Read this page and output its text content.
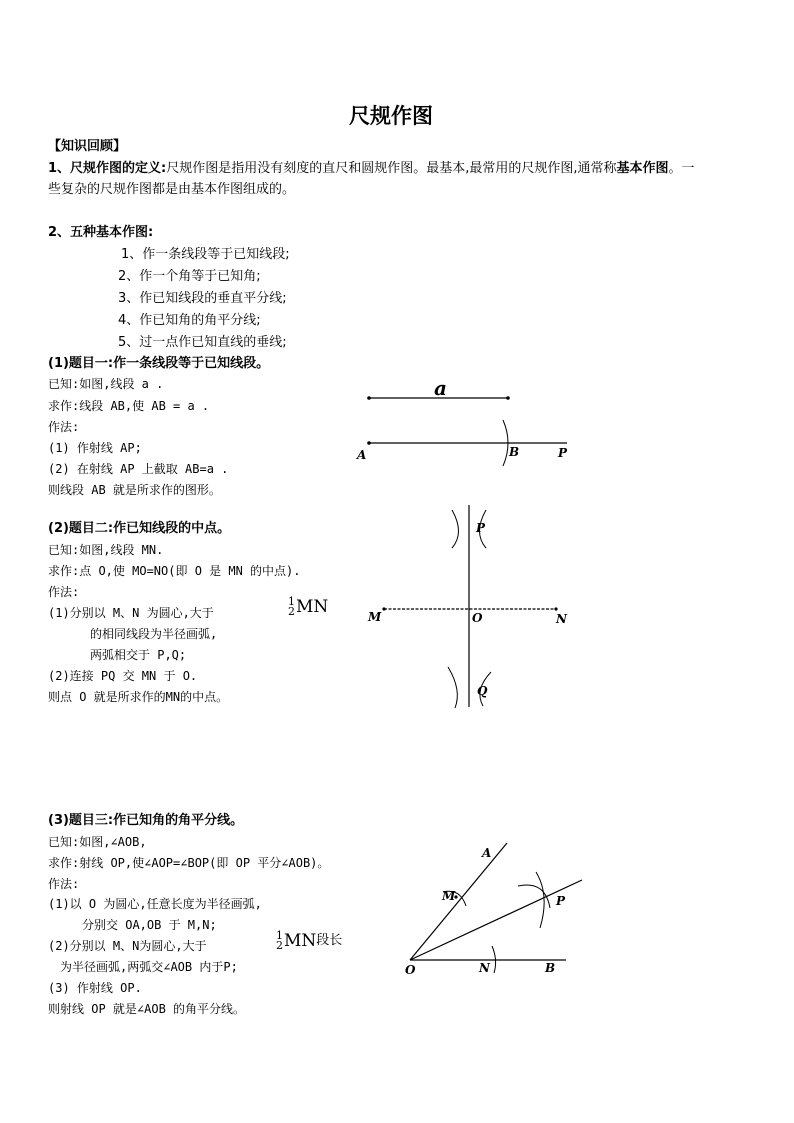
尺规作图
【知识回顾】
1、尺规作图的定义:尺规作图是指用没有刻度的直尺和圆规作图。最基本,最常用的尺规作图,通常称基本作图。一
些复杂的尺规作图都是由基本作图组成的。
2、五种基本作图:
1、作一条线段等于已知线段;
2、作一个角等于已知角;
3、作已知线段的垂直平分线;
4、作已知角的角平分线;
5、过一点作已知直线的垂线;
(1)题目一:作一条线段等于已知线段。
已知:如图,线段 a .
求作:线段 AB,使 AB = a .
作法:
(1) 作射线 AP;
(2) 在射线 AP 上截取 AB=a .
则线段 AB 就是所求作的图形。
a
A	B	P
(2)题目二:作已知线段的中点。
已知:如图,线段 MN.
求作:点 O,使 MO=NO(即 O 是 MN 的中点).
作法:
(1)分别以 M、N 为圆心,大于
1
2 MN
的相同线段为半径画弧,
两弧相交于 P,Q;
(2)连接 PQ 交 MN 于 O.
则点 O 就是所求作的MN的中点。
P
M	O	N
Q
(3)题目三:作已知角的角平分线。
已知:如图,∠AOB,
求作:射线 OP,使∠AOP=∠BOP(即 OP 平分∠AOB)。
作法:
(1)以 O 为圆心,任意长度为半径画弧,
分别交 OA,OB 于 M,N;
(2)分别以 M、N为圆心,大于
1
2 MN 段长
为半径画弧,两弧交∠AOB 内于P;
(3) 作射线 OP.
则射线 OP 就是∠AOB 的角平分线。
A
M	P
O	N	B
